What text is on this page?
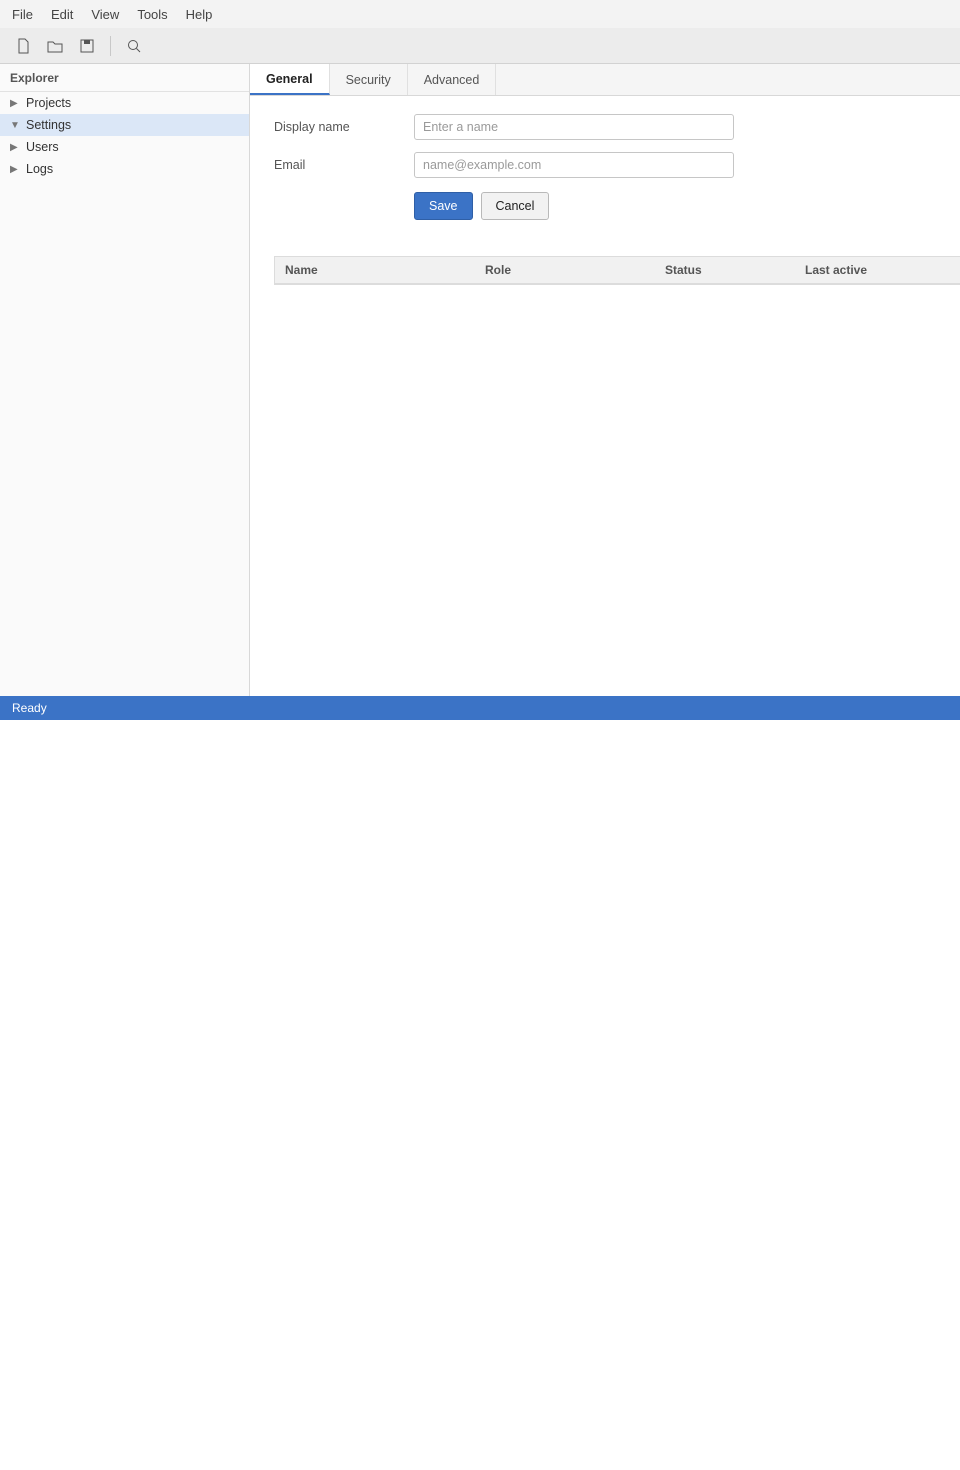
File Edit View Tools Help
Explorer
▶ Projects
▼ Settings
▶ Users
▶ Logs
General	Security	Advanced
Display name
Enter a name
Email
name@example.com
Save	Cancel
Name	Role	Status	Last active
Ready
